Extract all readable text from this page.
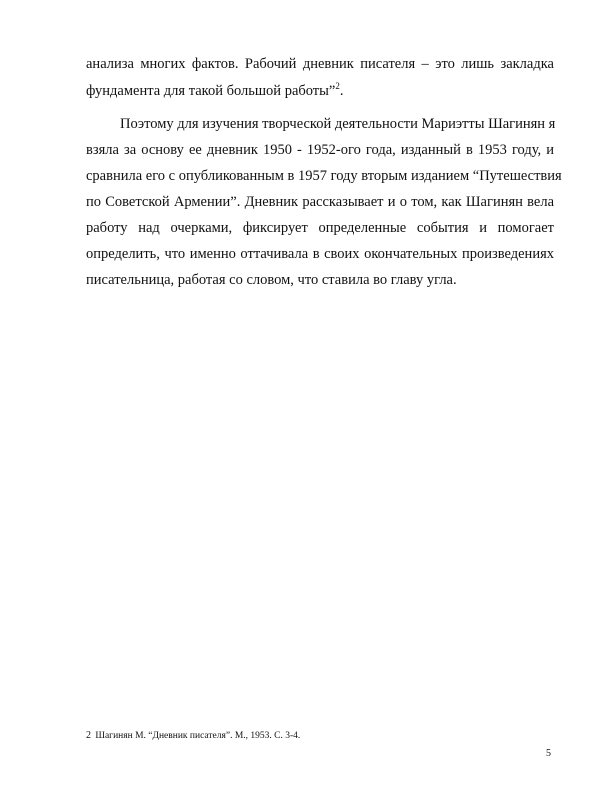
анализа многих фактов. Рабочий дневник писателя – это лишь закладка
фундамента для такой большой работы”$^2$.
Поэтому для изучения творческой деятельности Мариэтты Шагинян я
взяла за основу ее дневник 1950 - 1952-ого года, изданный в 1953 году, и
сравнила его с опубликованным в 1957 году вторым изданием “Путешествия
по Советской Армении”. Дневник рассказывает и о том, как Шагинян вела
работу над очерками, фиксирует определенные события и помогает
определить, что именно оттачивала в своих окончательных произведениях
писательница, работая со словом, что ставила во главу угла.
2 Шагинян М. “Дневник писателя”. М., 1953. С. 3-4.
5
